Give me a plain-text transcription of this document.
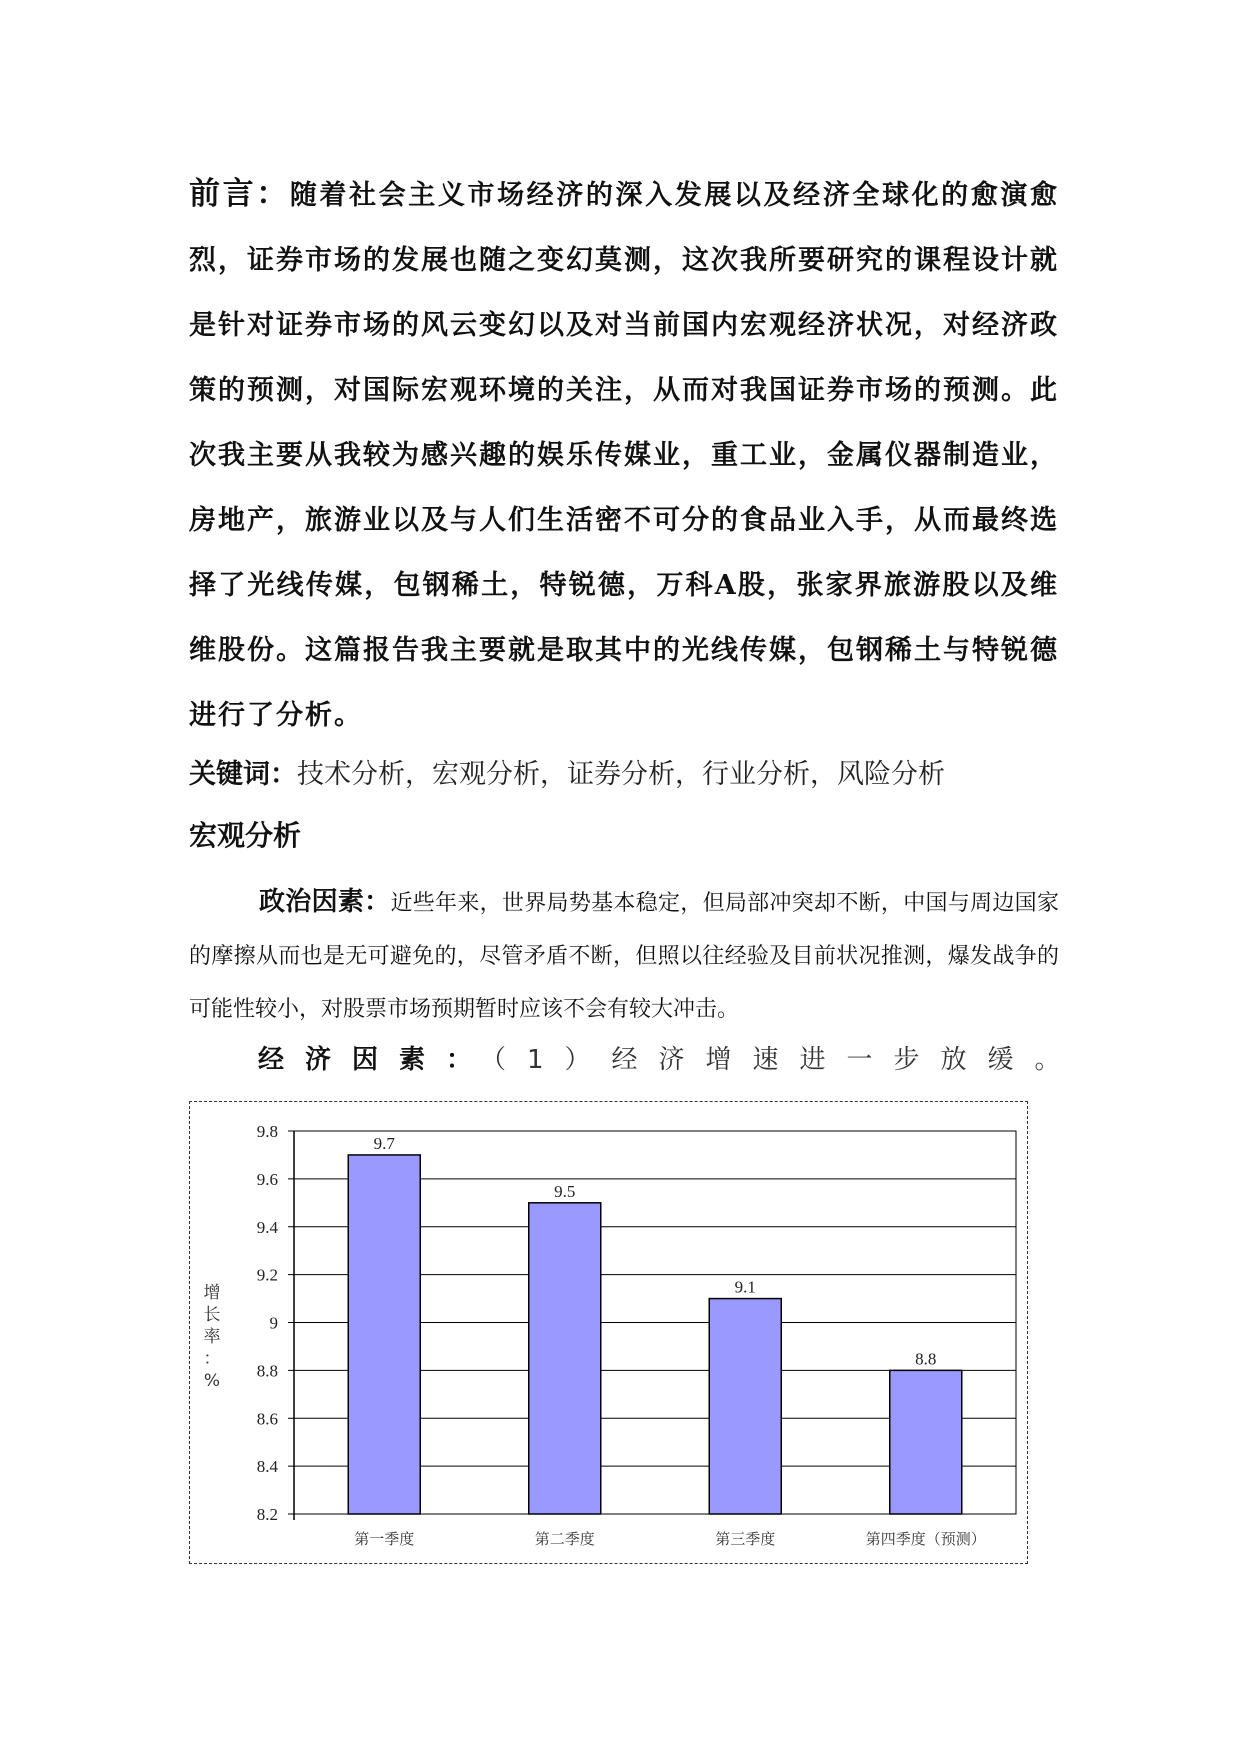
前言：随着社会主义市场经济的深入发展以及经济全球化的愈演愈烈，证券市场的发展也随之变幻莫测，这次我所要研究的课程设计就是针对证券市场的风云变幻以及对当前国内宏观经济状况，对经济政策的预测，对国际宏观环境的关注，从而对我国证券市场的预测。此次我主要从我较为感兴趣的娱乐传媒业，重工业，金属仪器制造业，房地产，旅游业以及与人们生活密不可分的食品业入手，从而最终选择了光线传媒，包钢稀土，特锐德，万科A股，张家界旅游股以及维维股份。这篇报告我主要就是取其中的光线传媒，包钢稀土与特锐德进行了分析。
关键词：技术分析，宏观分析，证券分析，行业分析，风险分析
宏观分析
政治因素：近些年来，世界局势基本稳定，但局部冲突却不断，中国与周边国家的摩擦从而也是无可避免的，尽管矛盾不断，但照以往经验及目前状况推测，爆发战争的可能性较小，对股票市场预期暂时应该不会有较大冲击。
经济因素：（1）经济增速进一步放缓。
8.2
8.4
8.6
8.8
9
9.2
9.4
9.6
9.8
9.7
第一季度
9.5
第二季度
9.1
第三季度
8.8
第四季度（预测）
增长率：%
